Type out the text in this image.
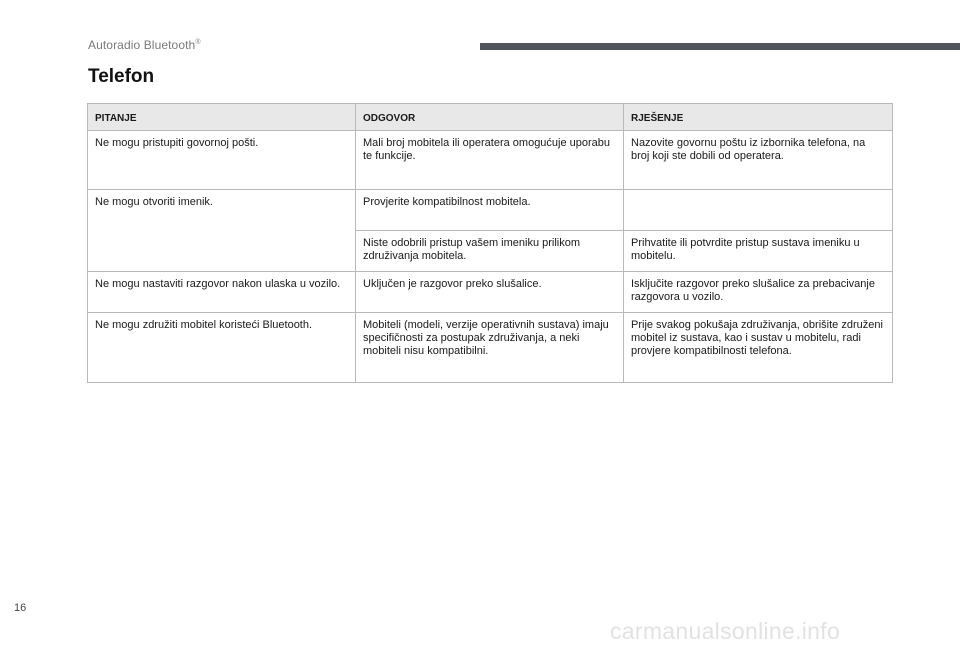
Autoradio Bluetooth®
Telefon
PITANJE	ODGOVOR	RJEŠENJE
Ne mogu pristupiti govornoj pošti.	Mali broj mobitela ili operatera omogućuje uporabu te funkcije.	Nazovite govornu poštu iz izbornika telefona, na broj koji ste dobili od operatera.
Ne mogu otvoriti imenik.	Provjerite kompatibilnost mobitela.	
	Niste odobrili pristup vašem imeniku prilikom združivanja mobitela.	Prihvatite ili potvrdite pristup sustava imeniku u mobitelu.
Ne mogu nastaviti razgovor nakon ulaska u vozilo.	Uključen je razgovor preko slušalice.	Isključite razgovor preko slušalice za prebacivanje razgovora u vozilo.
Ne mogu združiti mobitel koristeći Bluetooth.	Mobiteli (modeli, verzije operativnih sustava) imaju specifičnosti za postupak združivanja, a neki mobiteli nisu kompatibilni.	Prije svakog pokušaja združivanja, obrišite združeni mobitel iz sustava, kao i sustav u mobitelu, radi provjere kompatibilnosti telefona.
16
carmanualsonline.info
